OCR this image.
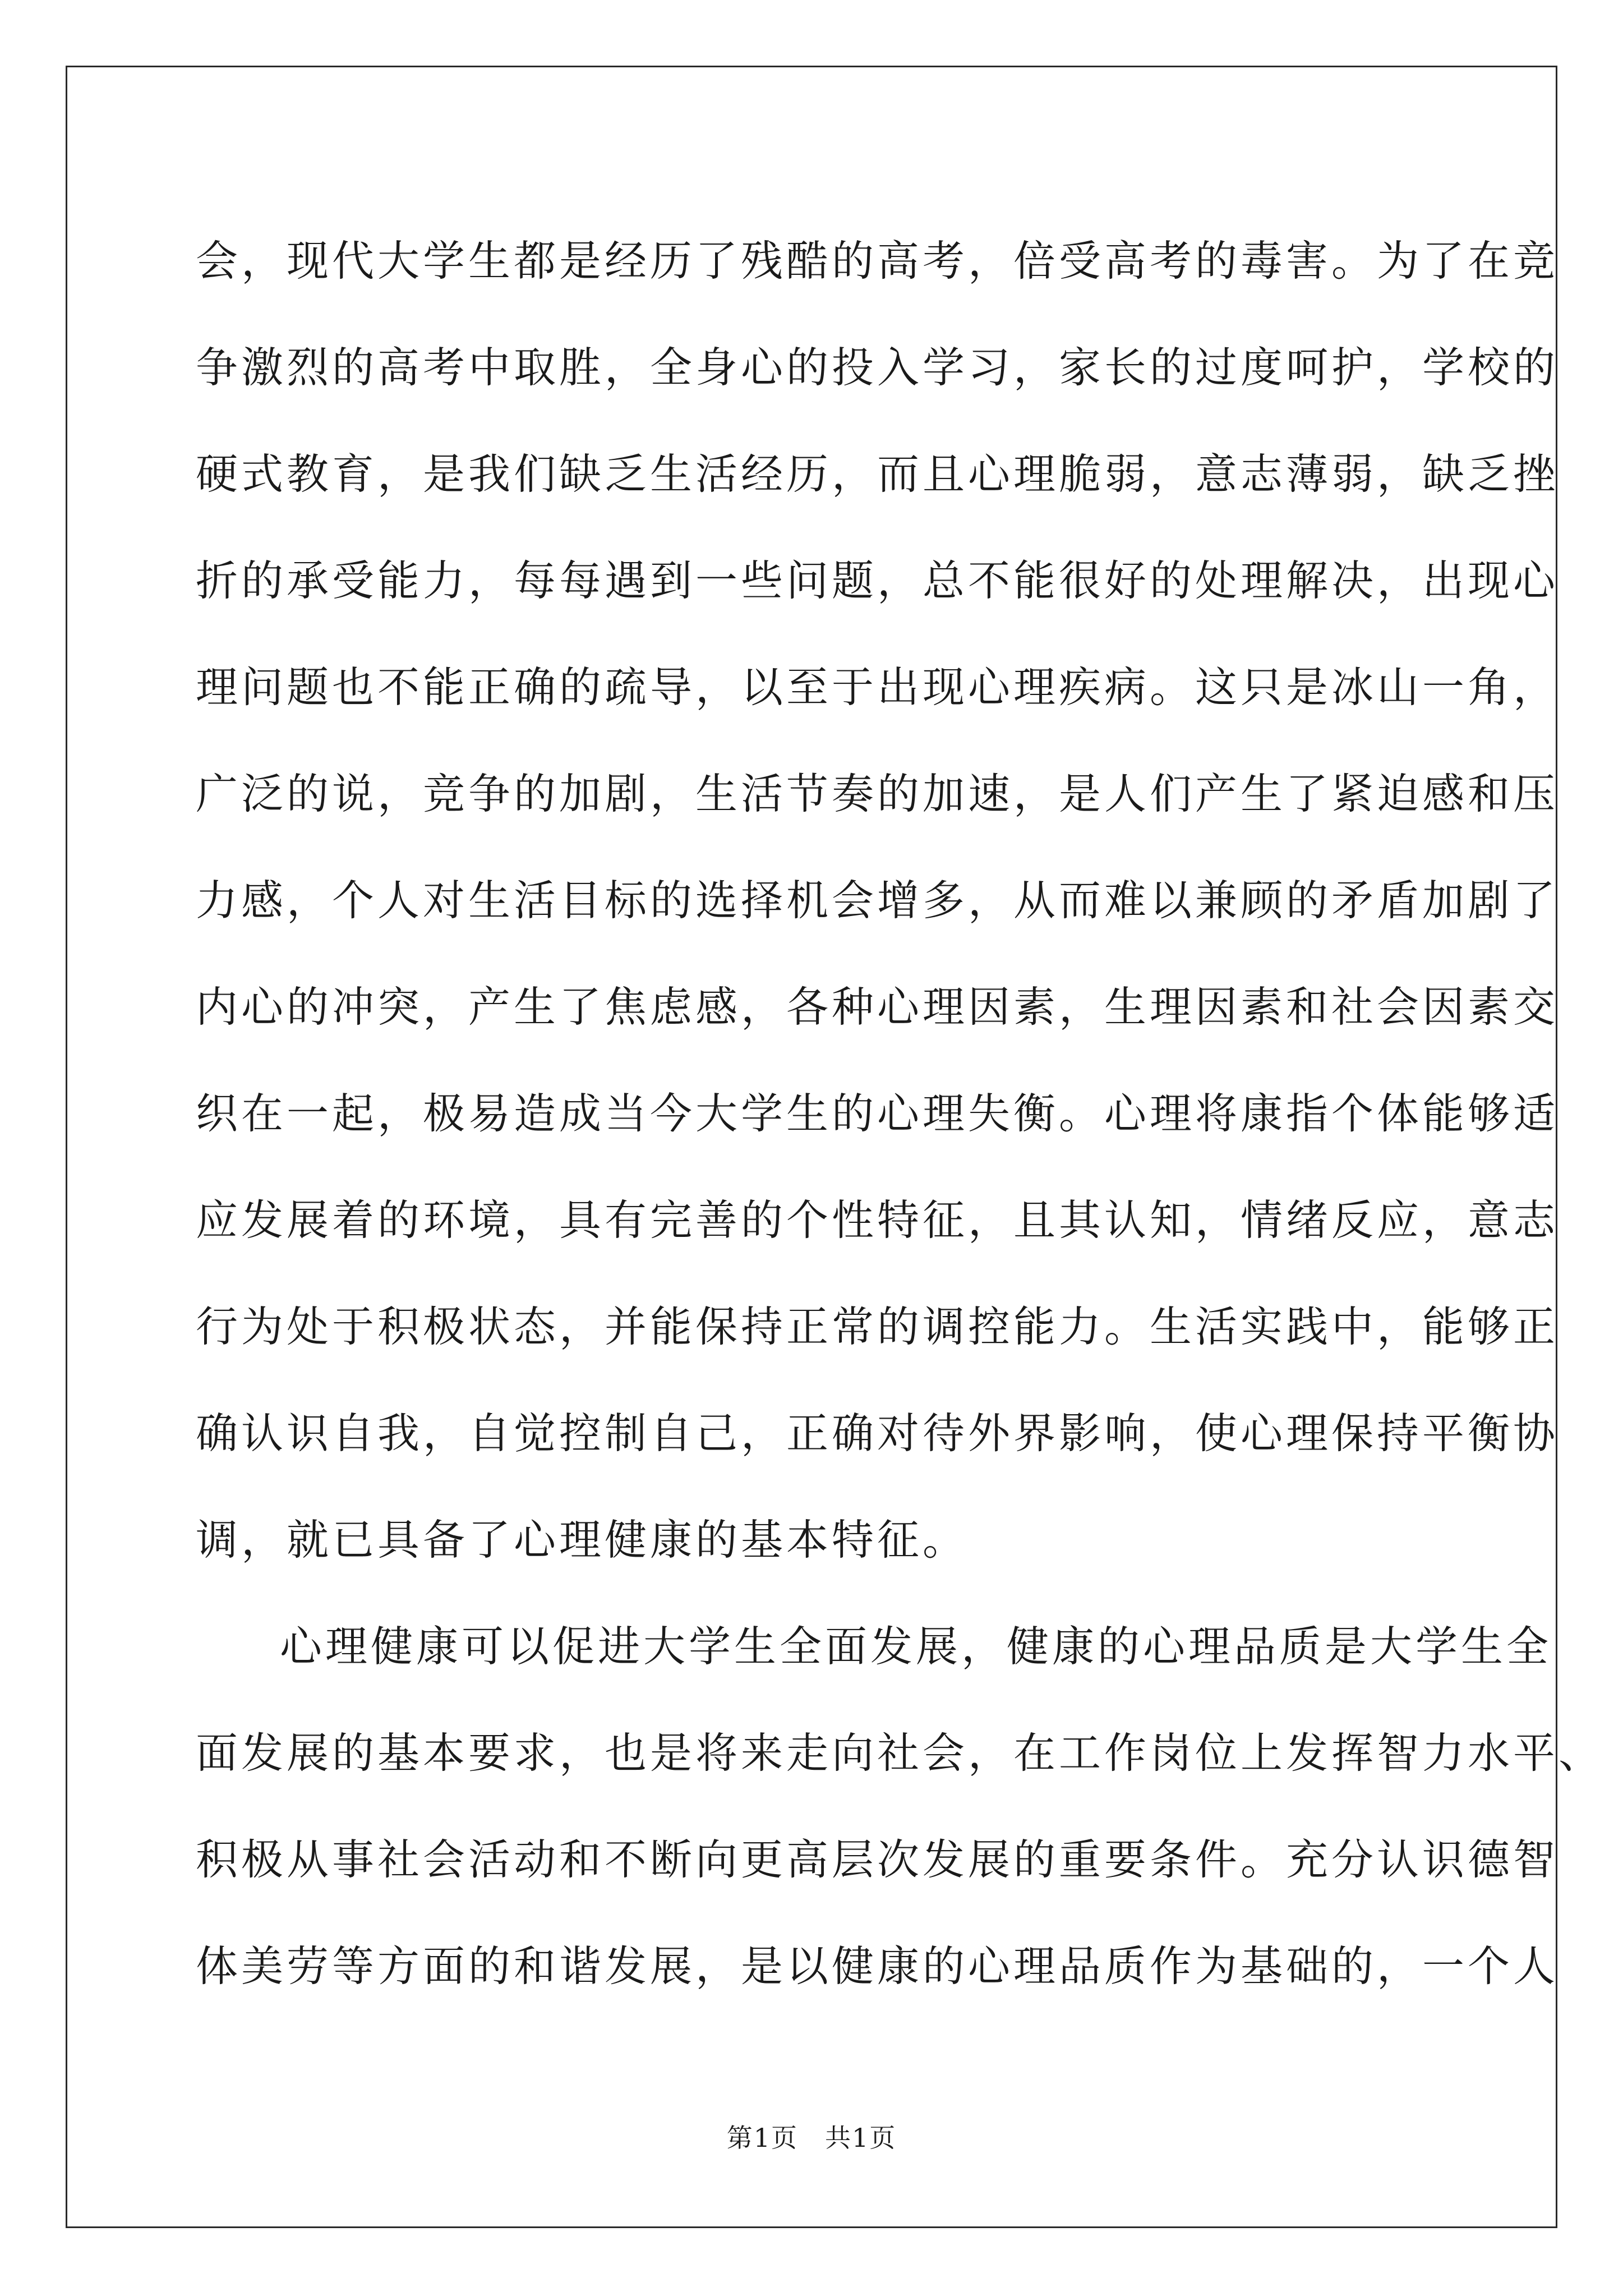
会，现代大学生都是经历了残酷的高考，倍受高考的毒害。为了在竞
争激烈的高考中取胜，全身心的投入学习，家长的过度呵护，学校的
硬式教育，是我们缺乏生活经历，而且心理脆弱，意志薄弱，缺乏挫
折的承受能力，每每遇到一些问题，总不能很好的处理解决，出现心
理问题也不能正确的疏导，以至于出现心理疾病。这只是冰山一角，
广泛的说，竞争的加剧，生活节奏的加速，是人们产生了紧迫感和压
力感，个人对生活目标的选择机会增多，从而难以兼顾的矛盾加剧了
内心的冲突，产生了焦虑感，各种心理因素，生理因素和社会因素交
织在一起，极易造成当今大学生的心理失衡。心理将康指个体能够适
应发展着的环境，具有完善的个性特征，且其认知，情绪反应，意志
行为处于积极状态，并能保持正常的调控能力。生活实践中，能够正
确认识自我，自觉控制自己，正确对待外界影响，使心理保持平衡协
调，就已具备了心理健康的基本特征。
心理健康可以促进大学生全面发展，健康的心理品质是大学生全
面发展的基本要求，也是将来走向社会，在工作岗位上发挥智力水平、
积极从事社会活动和不断向更高层次发展的重要条件。充分认识德智
体美劳等方面的和谐发展，是以健康的心理品质作为基础的，一个人
第1页　共1页
